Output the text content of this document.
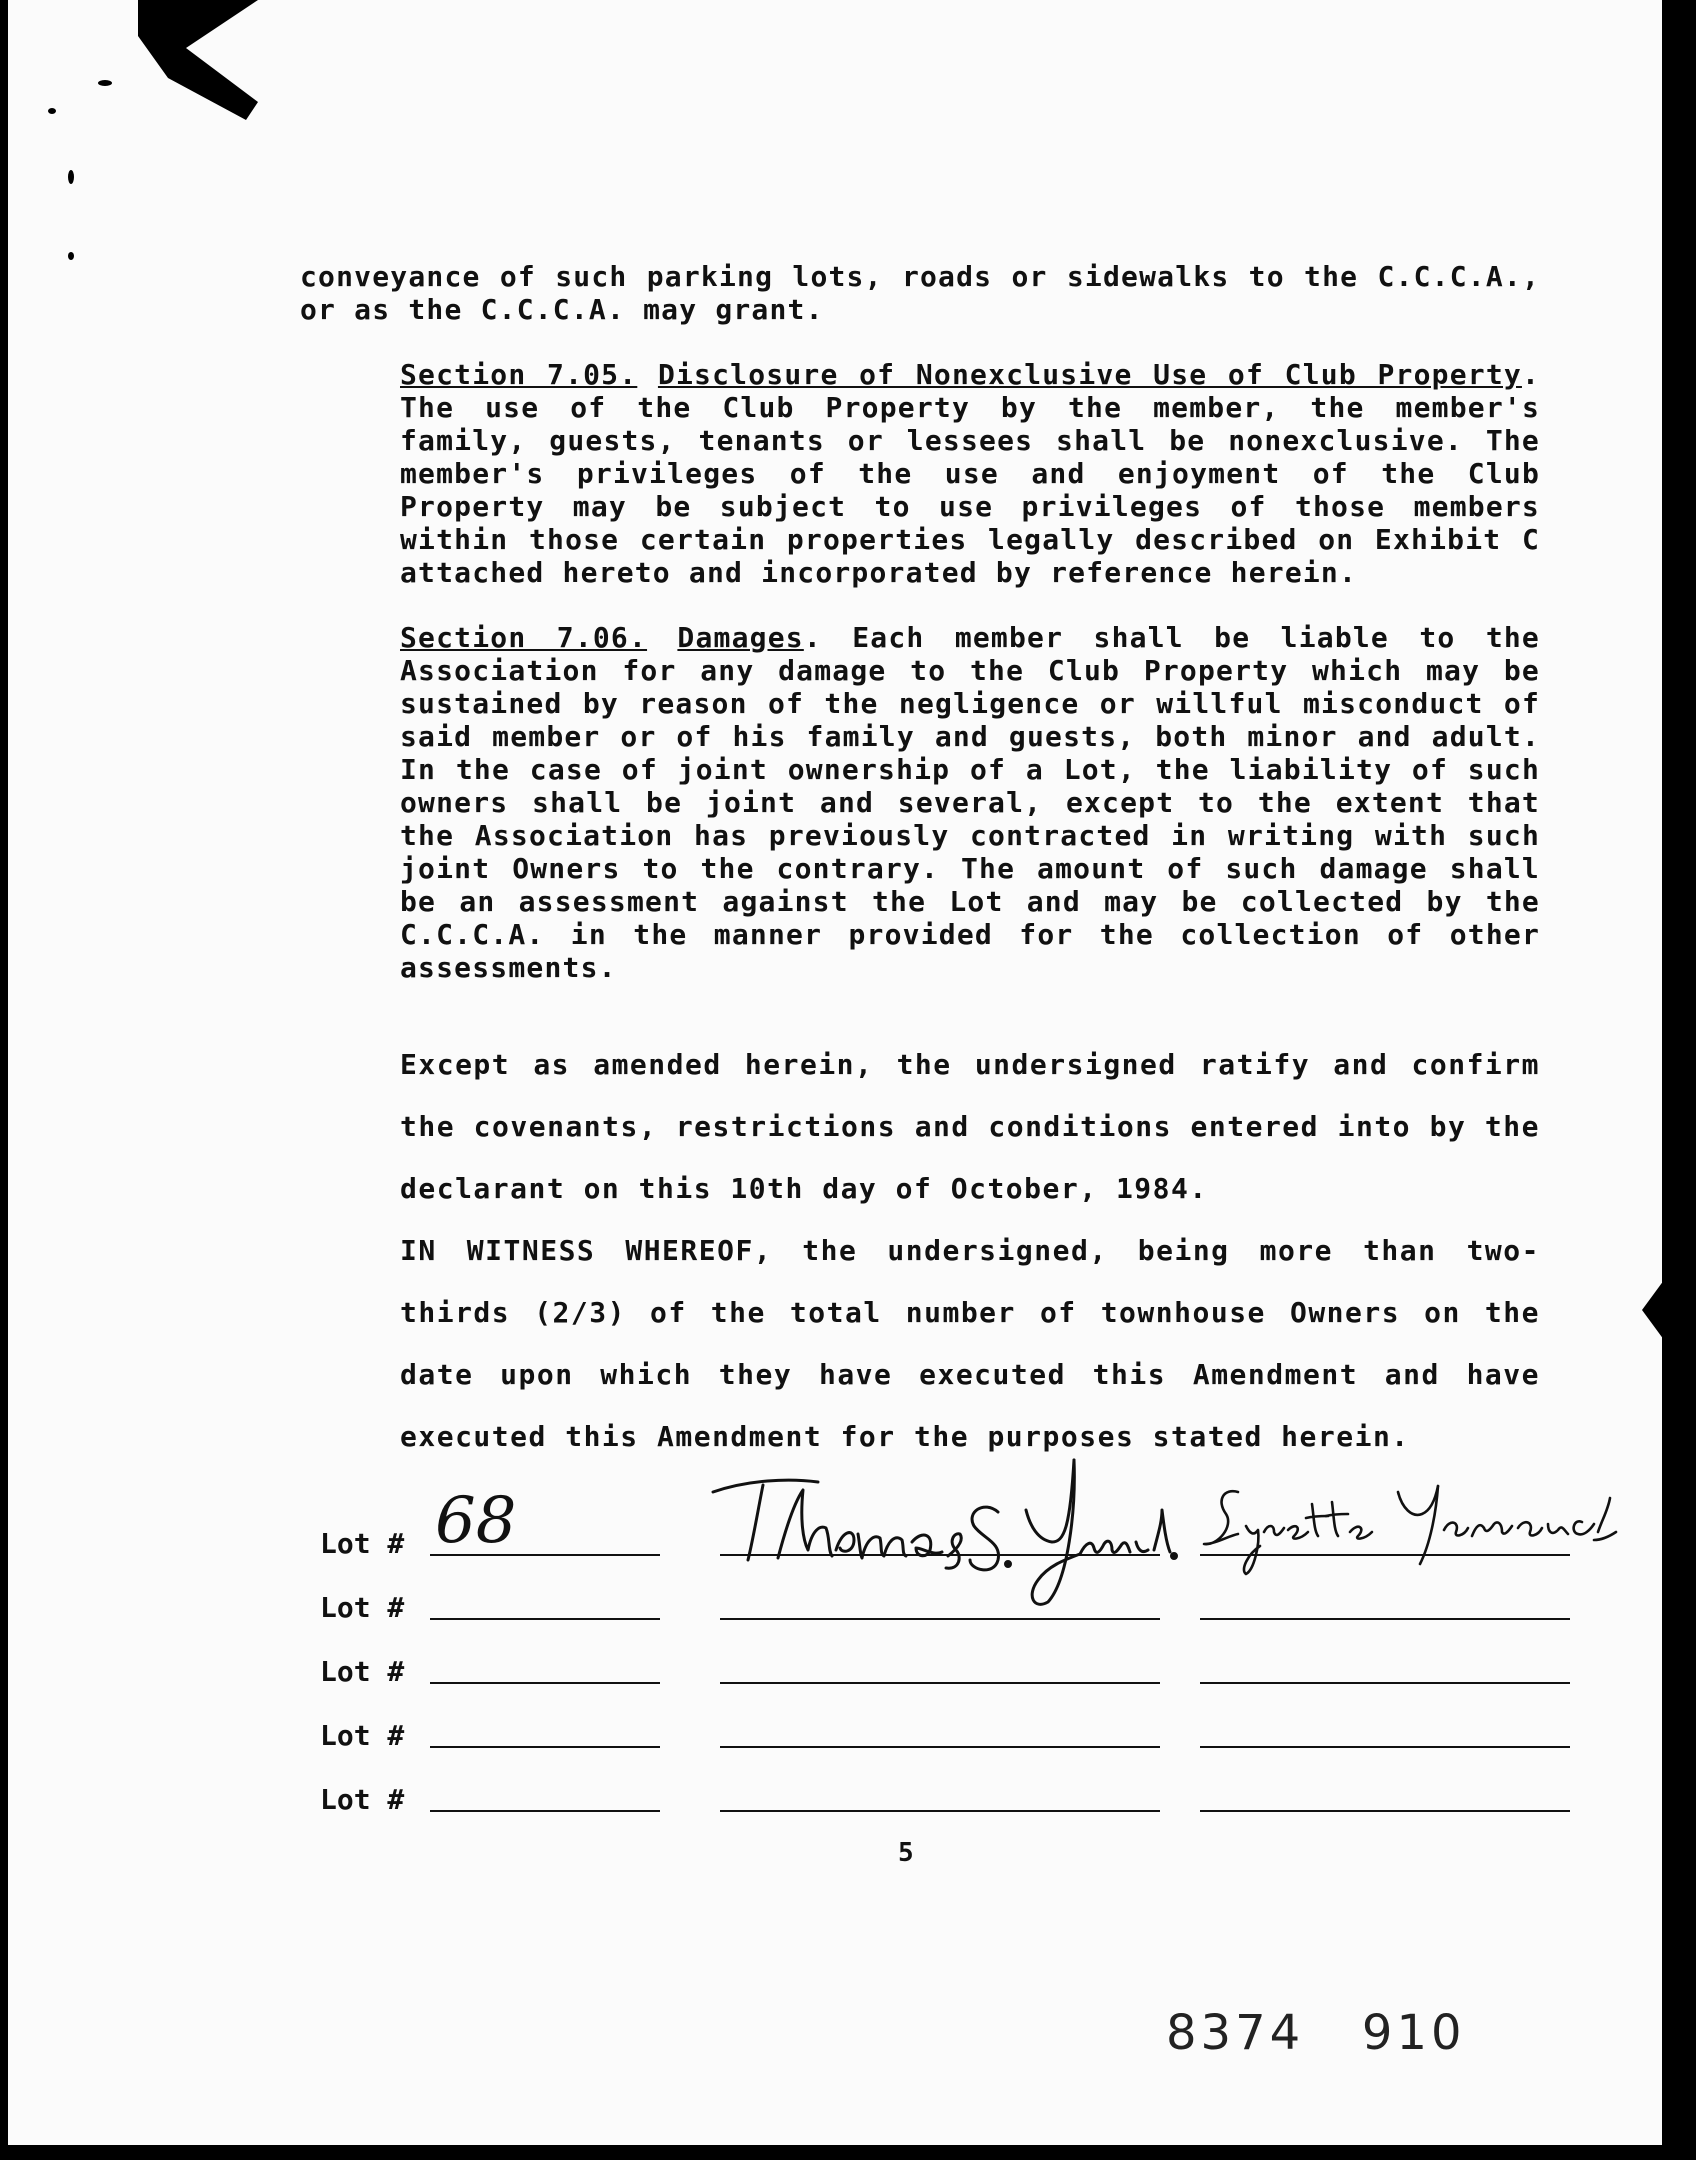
conveyance of such parking lots, roads or sidewalks to the C.C.C.A., or as the C.C.C.A. may grant.

Section 7.05. Disclosure of Nonexclusive Use of Club Property. The use of the Club Property by the member, the member's family, guests, tenants or lessees shall be nonexclusive. The member's privileges of the use and enjoyment of the Club Property may be subject to use privileges of those members within those certain properties legally described on Exhibit C attached hereto and incorporated by reference herein.

Section 7.06. Damages. Each member shall be liable to the Association for any damage to the Club Property which may be sustained by reason of the negligence or willful misconduct of said member or of his family and guests, both minor and adult. In the case of joint ownership of a Lot, the liability of such owners shall be joint and several, except to the extent that the Association has previously contracted in writing with such joint Owners to the contrary. The amount of such damage shall be an assessment against the Lot and may be collected by the C.C.C.A. in the manner provided for the collection of other assessments.

Except as amended herein, the undersigned ratify and confirm the covenants, restrictions and conditions entered into by the declarant on this 10th day of October, 1984.

IN WITNESS WHEREOF, the undersigned, being more than two-thirds (2/3) of the total number of townhouse Owners on the date upon which they have executed this Amendment and have executed this Amendment for the purposes stated herein.

Lot # 68
Lot #
Lot #
Lot #
Lot #
5
8374   910
